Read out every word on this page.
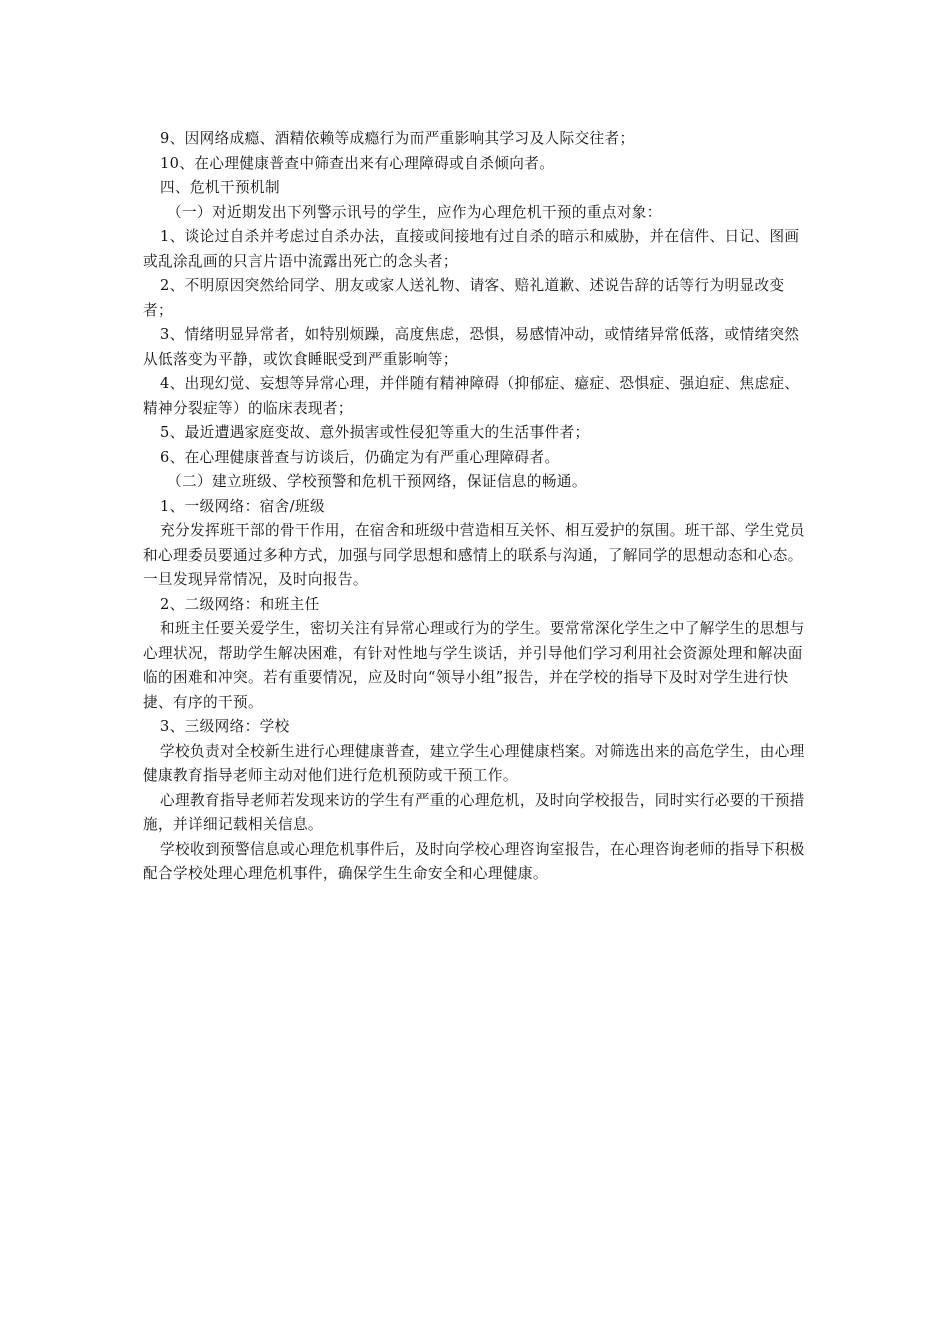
9、因网络成瘾、酒精依赖等成瘾行为而严重影响其学习及人际交往者；

10、在心理健康普查中筛查出来有心理障碍或自杀倾向者。

四、危机干预机制

（一）对近期发出下列警示讯号的学生，应作为心理危机干预的重点对象：

1、谈论过自杀并考虑过自杀办法，直接或间接地有过自杀的暗示和威胁，并在信件、日记、图画或乱涂乱画的只言片语中流露出死亡的念头者；

2、不明原因突然给同学、朋友或家人送礼物、请客、赔礼道歉、述说告辞的话等行为明显改变者；

3、情绪明显异常者，如特别烦躁，高度焦虑，恐惧，易感情冲动，或情绪异常低落，或情绪突然从低落变为平静，或饮食睡眠受到严重影响等；

4、出现幻觉、妄想等异常心理，并伴随有精神障碍（抑郁症、癔症、恐惧症、强迫症、焦虑症、精神分裂症等）的临床表现者；

5、最近遭遇家庭变故、意外损害或性侵犯等重大的生活事件者；

6、在心理健康普查与访谈后，仍确定为有严重心理障碍者。

（二）建立班级、学校预警和危机干预网络，保证信息的畅通。

1、一级网络：宿舍/班级

充分发挥班干部的骨干作用，在宿舍和班级中营造相互关怀、相互爱护的氛围。班干部、学生党员和心理委员要通过多种方式，加强与同学思想和感情上的联系与沟通，了解同学的思想动态和心态。一旦发现异常情况，及时向报告。

2、二级网络：和班主任

和班主任要关爱学生，密切关注有异常心理或行为的学生。要常常深化学生之中了解学生的思想与心理状况，帮助学生解决困难，有针对性地与学生谈话，并引导他们学习利用社会资源处理和解决面临的困难和冲突。若有重要情况，应及时向“领导小组”报告，并在学校的指导下及时对学生进行快捷、有序的干预。

3、三级网络：学校

学校负责对全校新生进行心理健康普查，建立学生心理健康档案。对筛选出来的高危学生，由心理健康教育指导老师主动对他们进行危机预防或干预工作。

心理教育指导老师若发现来访的学生有严重的心理危机，及时向学校报告，同时实行必要的干预措施，并详细记载相关信息。

学校收到预警信息或心理危机事件后，及时向学校心理咨询室报告，在心理咨询老师的指导下积极配合学校处理心理危机事件，确保学生生命安全和心理健康。
